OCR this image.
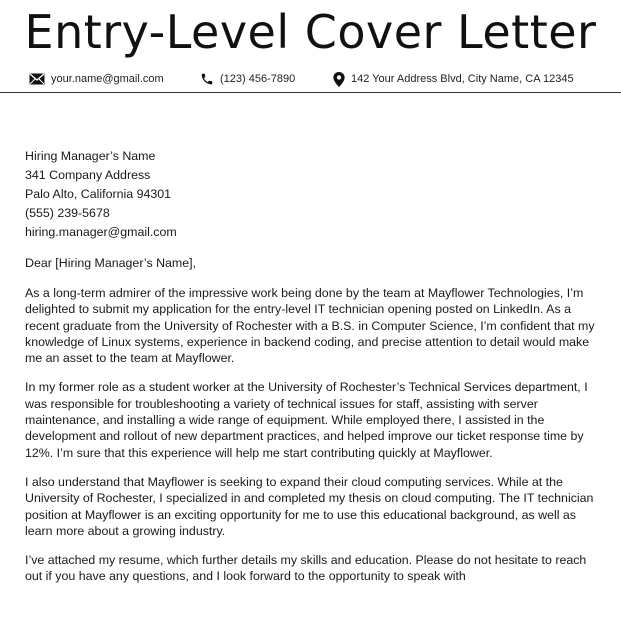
Entry-Level Cover Letter
your.name@gmail.com	(123) 456-7890	142 Your Address Blvd, City Name, CA 12345
Hiring Manager’s Name
341 Company Address
Palo Alto, California 94301
(555) 239-5678
hiring.manager@gmail.com

Dear [Hiring Manager’s Name],

As a long-term admirer of the impressive work being done by the team at Mayflower Technologies, I’m delighted to submit my application for the entry-level IT technician opening posted on LinkedIn. As a recent graduate from the University of Rochester with a B.S. in Computer Science, I’m confident that my knowledge of Linux systems, experience in backend coding, and precise attention to detail would make me an asset to the team at Mayflower.

In my former role as a student worker at the University of Rochester’s Technical Services department, I was responsible for troubleshooting a variety of technical issues for staff, assisting with server maintenance, and installing a wide range of equipment. While employed there, I assisted in the development and rollout of new department practices, and helped improve our ticket response time by 12%. I’m sure that this experience will help me start contributing quickly at Mayflower.

I also understand that Mayflower is seeking to expand their cloud computing services. While at the University of Rochester, I specialized in and completed my thesis on cloud computing. The IT technician position at Mayflower is an exciting opportunity for me to use this educational background, as well as learn more about a growing industry.

I’ve attached my resume, which further details my skills and education. Please do not hesitate to reach out if you have any questions, and I look forward to the opportunity to speak with
